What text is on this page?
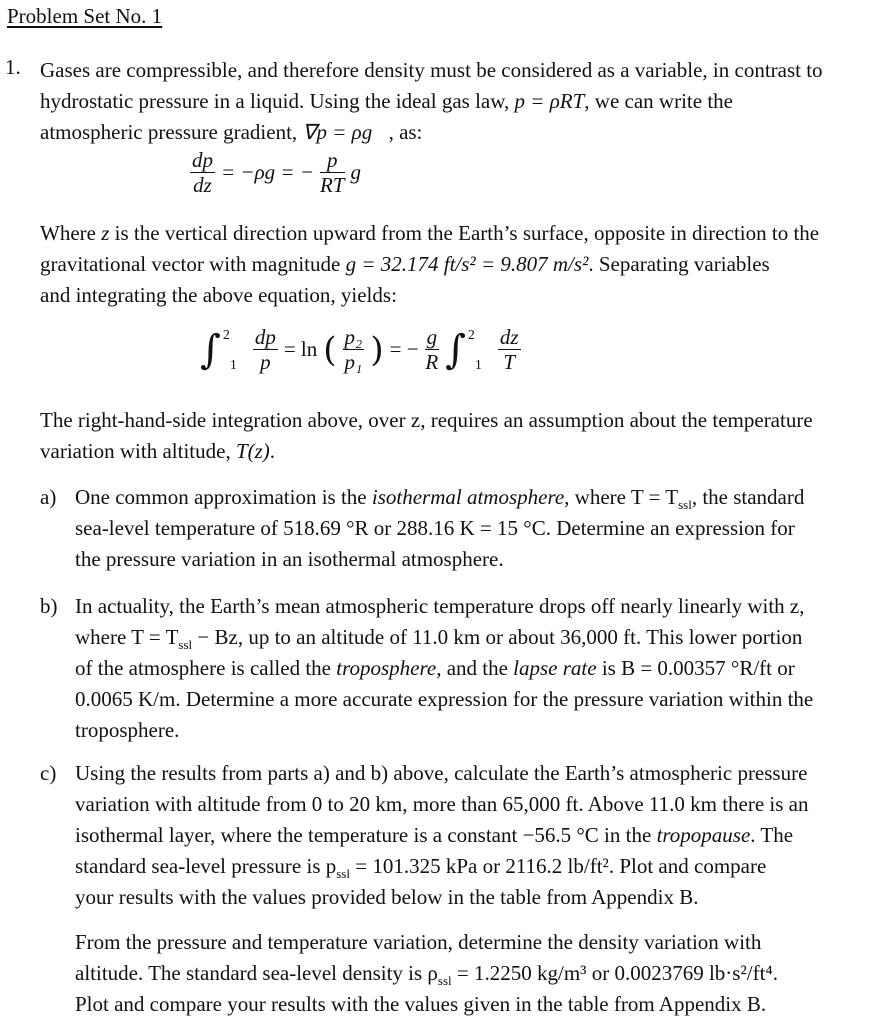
Problem Set No. 1
1. Gases are compressible, and therefore density must be considered as a variable, in contrast to
hydrostatic pressure in a liquid. Using the ideal gas law, p = ρRT, we can write the
atmospheric pressure gradient, ∇p = ρg⃗, as:
$\frac{dp}{dz} = -\rho g$ = − $\frac{p}{RT}$ g
Where z is the vertical direction upward from the Earth’s surface, opposite in direction to the
gravitational vector with magnitude g = 32.174 ft/s² = 9.807 m/s². Separating variables
and integrating the above equation, yields:
∫ 2
$1 \frac{dp}{p} = \ln$ ( $\frac{\text{p₂}}{\text{p₁}}$ ) = − $\frac{g}{R}$ ∫ 2
$1 \frac{dz}{T}$
The right-hand-side integration above, over z, requires an assumption about the temperature
variation with altitude, T(z).
a) One common approximation is the isothermal atmosphere, where $T = T_{ssl}$, the standard
sea-level temperature of 518.69 °R or 288.16 K = 15 °C. Determine an expression for
the pressure variation in an isothermal atmosphere.
b) In actuality, the Earth’s mean atmospheric temperature drops off nearly linearly with z,
where $T = T_{ssl} - Bz$, up to an altitude of 11.0 km or about 36,000 ft. This lower portion
of the atmosphere is called the troposphere, and the lapse rate is B = 0.00357 °R/ft or
0.0065 K/m. Determine a more accurate expression for the pressure variation within the
troposphere.
c) Using the results from parts a) and b) above, calculate the Earth’s atmospheric pressure
variation with altitude from 0 to 20 km, more than 65,000 ft. Above 11.0 km there is an
isothermal layer, where the temperature is a constant −56.5 °C in the tropopause. The
standard sea-level pressure is $p_{ssl} = 101.325$ kPa or 2116.2 lb/ft². Plot and compare
your results with the values provided below in the table from Appendix B.
From the pressure and temperature variation, determine the density variation with
altitude. The standard sea-level density is $\rho_{ssl} = 1.2250$ kg/m³ or 0.0023769 lb·s²/ft⁴.
Plot and compare your results with the values given in the table from Appendix B.
